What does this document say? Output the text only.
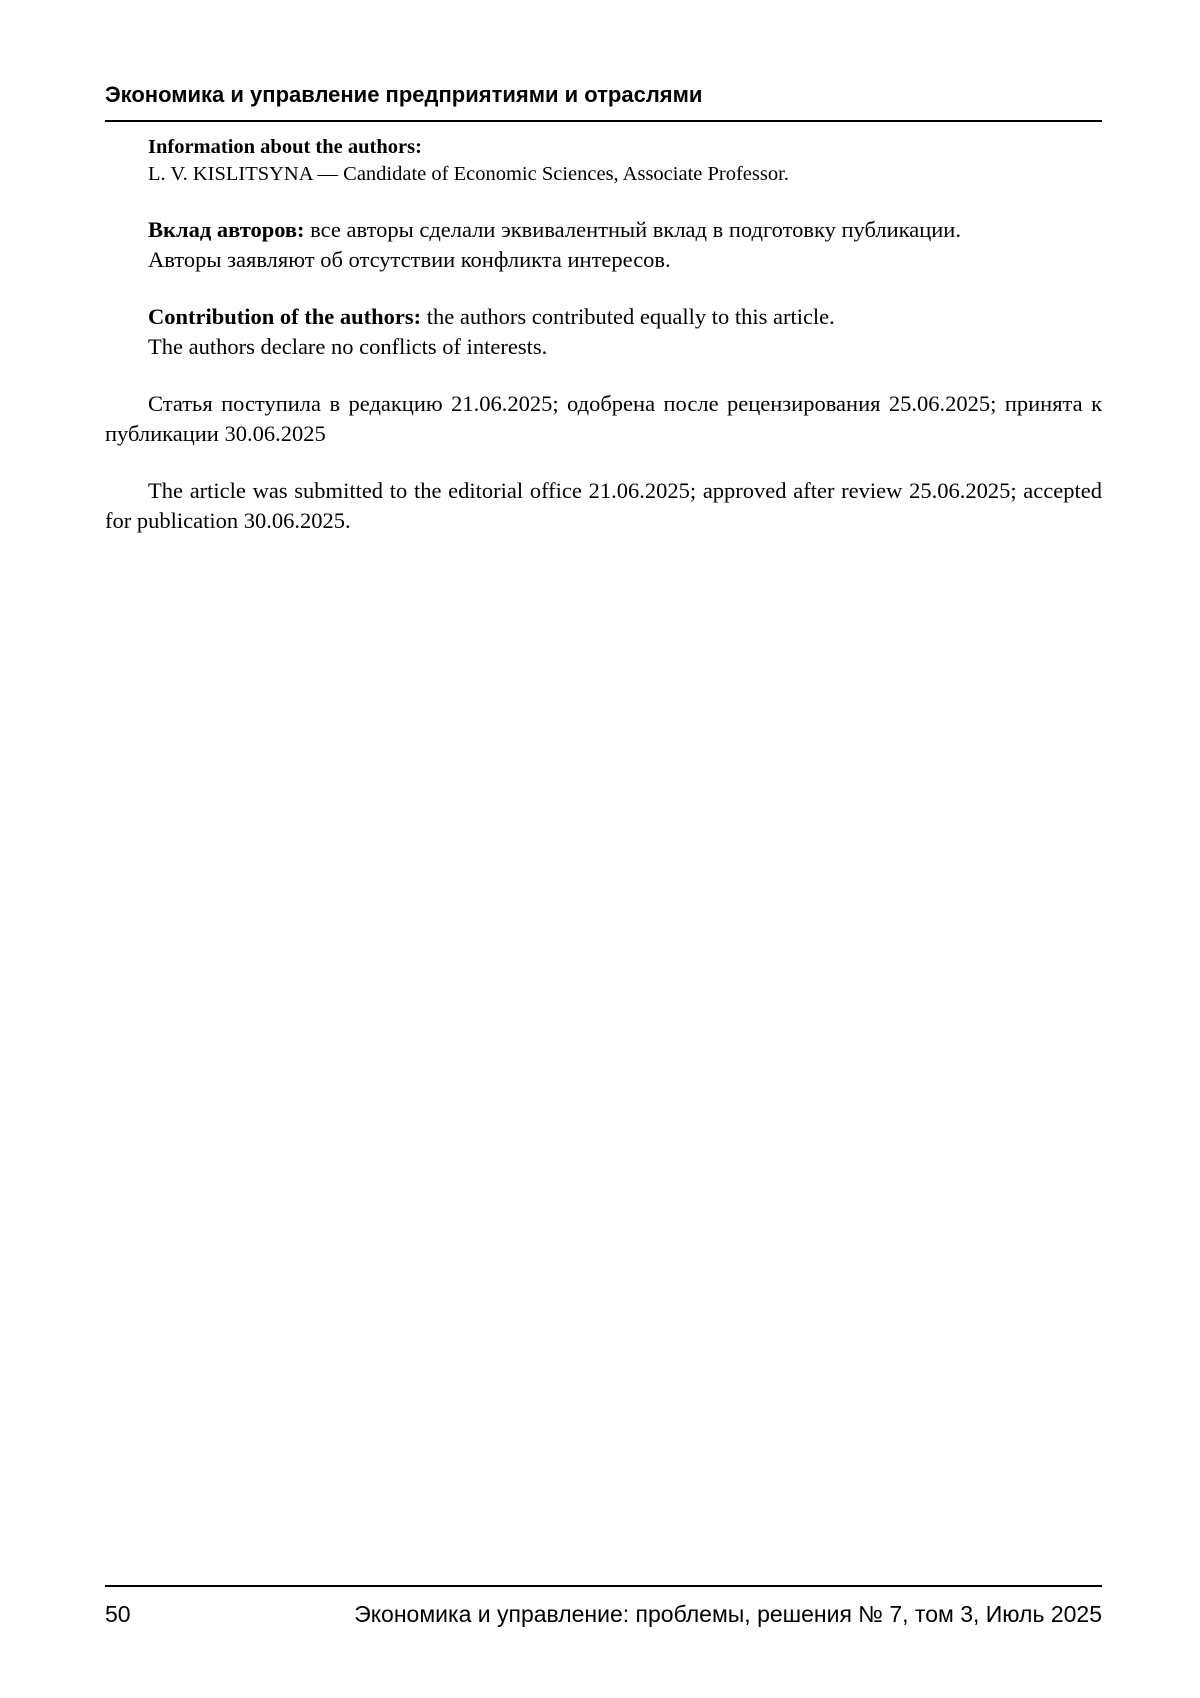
Экономика и управление предприятиями и отраслями
Information about the authors:
L. V. KISLITSYNA — Candidate of Economic Sciences, Associate Professor.
Вклад авторов: все авторы сделали эквивалентный вклад в подготовку публикации.
Авторы заявляют об отсутствии конфликта интересов.
Contribution of the authors: the authors contributed equally to this article.
The authors declare no conflicts of interests.
Статья поступила в редакцию 21.06.2025; одобрена после рецензирования 25.06.2025; принята к публикации 30.06.2025
The article was submitted to the editorial office 21.06.2025; approved after review 25.06.2025; accepted for publication 30.06.2025.
50	Экономика и управление: проблемы, решения № 7, том 3, Июль 2025
